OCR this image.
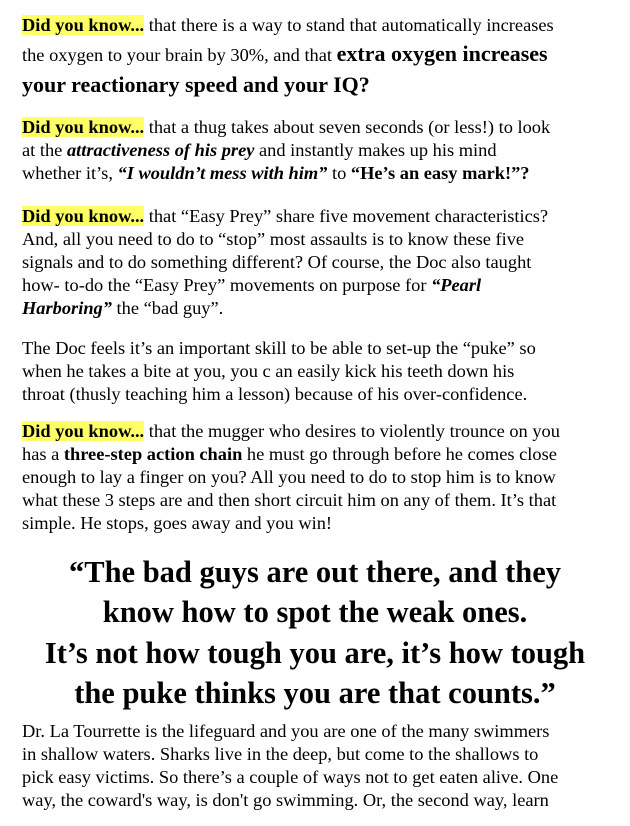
Did you know... that there is a way to stand that automatically increases

the oxygen to your brain by 30%, and that extra oxygen increases

your reactionary speed and your IQ?

Did you know... that a thug takes about seven seconds (or less!) to look

at the attractiveness of his prey and instantly makes up his mind

whether it’s, “I wouldn’t mess with him” to “He’s an easy mark!”?

Did you know... that “Easy Prey” share five movement characteristics?

And, all you need to do to “stop” most assaults is to know these five

signals and to do something different? Of course, the Doc also taught

how- to-do the “Easy Prey” movements on purpose for “Pearl

Harboring” the “bad guy”.

The Doc feels it’s an important skill to be able to set-up the “puke” so

when he takes a bite at you, you c an easily kick his teeth down his

throat (thusly teaching him a lesson) because of his over-confidence.

Did you know... that the mugger who desires to violently trounce on you

has a three-step action chain he must go through before he comes close

enough to lay a finger on you? All you need to do to stop him is to know

what these 3 steps are and then short circuit him on any of them. It’s that

simple. He stops, goes away and you win!

“The bad guys are out there, and they

know how to spot the weak ones.

It’s not how tough you are, it’s how tough

the puke thinks you are that counts.”

Dr. La Tourrette is the lifeguard and you are one of the many swimmers

in shallow waters. Sharks live in the deep, but come to the shallows to

pick easy victims. So there’s a couple of ways not to get eaten alive. One

way, the coward's way, is don't go swimming. Or, the second way, learn
